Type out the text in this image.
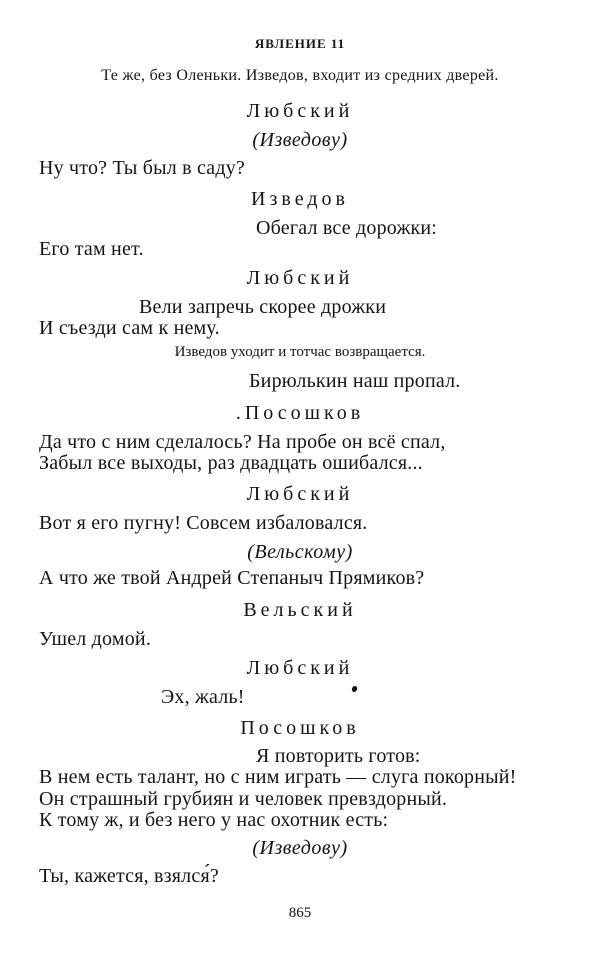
ЯВЛЕНИЕ 11

Те же, без Оленьки. Изведов, входит из средних дверей.

Любский

(Изведову)

Ну что? Ты был в саду?

Изведов

Обегал все дорожки:

Его там нет.

Любский

Вели запречь скорее дрожки

И съезди сам к нему.

Изведов уходит и тотчас возвращается.

Бирюлькин наш пропал.

.Посошков

Да что с ним сделалось? На пробе он всё спал,

Забыл все выходы, раз двадцать ошибался...

Любский

Вот я его пугну! Совсем избаловался.

(Вельскому)

А что же твой Андрей Степаныч Прямиков?

Вельский

Ушел домой.

Любский

Эх, жаль!

Посошков

Я повторить готов:

В нем есть талант, но с ним играть — слуга покорный!

Он страшный грубиян и человек превздорный.

К тому ж, и без него у нас охотник есть:

(Изведову)

Ты, кажется, взялся́?

865
